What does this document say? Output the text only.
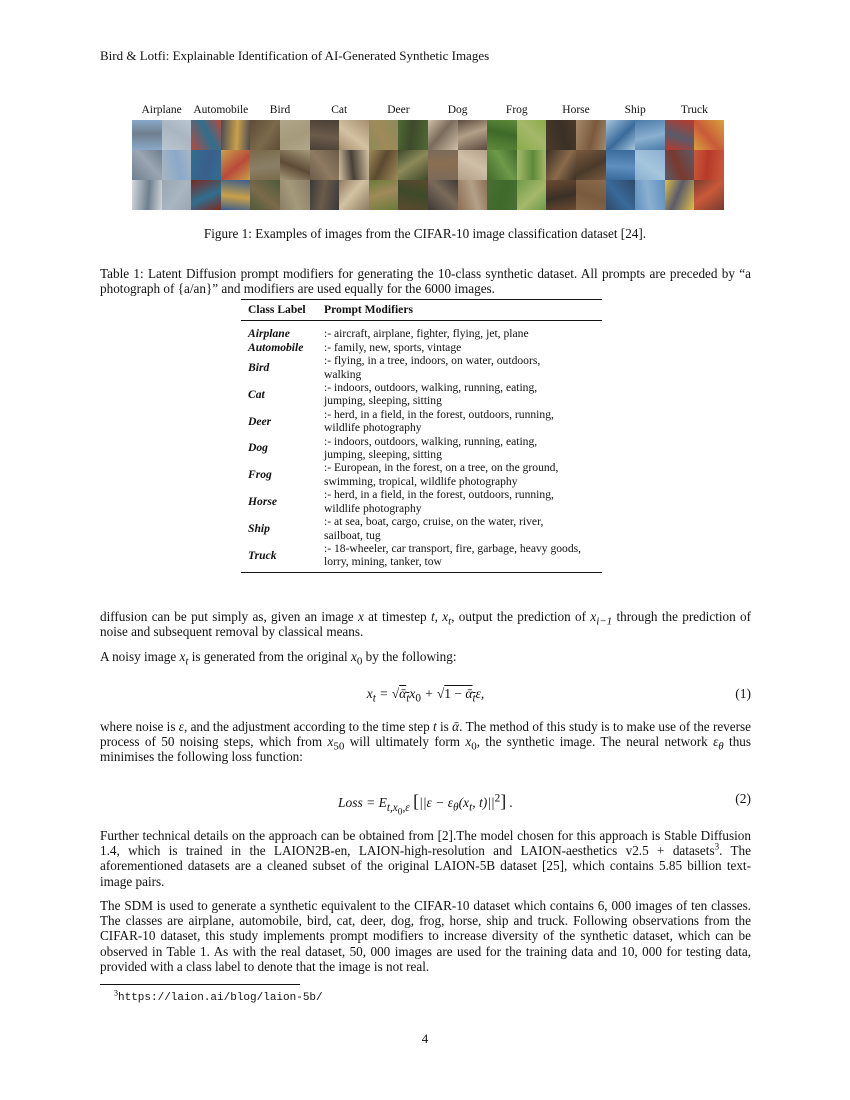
Bird & Lotfi: Explainable Identification of AI-Generated Synthetic Images
Airplane Automobile Bird	Cat	Deer	Dog	Frog	Horse	Ship	Truck
Figure 1: Examples of images from the CIFAR-10 image classification dataset [24].
Table 1: Latent Diffusion prompt modifiers for generating the 10-class synthetic dataset. All prompts are preceded by “a photograph of {a/an}” and modifiers are used equally for the 6000 images.
Class Label	Prompt Modifiers
Airplane	:- aircraft, airplane, fighter, flying, jet, plane

Automobile	:- family, new, sports, vintage

Bird	:- flying, in a tree, indoors, on water, outdoors,
walking

Cat	:- indoors, outdoors, walking, running, eating,
jumping, sleeping, sitting

Deer	:- herd, in a field, in the forest, outdoors, running,
wildlife photography

Dog	:- indoors, outdoors, walking, running, eating,
jumping, sleeping, sitting

Frog	:- European, in the forest, on a tree, on the ground,
swimming, tropical, wildlife photography

Horse	:- herd, in a field, in the forest, outdoors, running,
wildlife photography

Ship	:- at sea, boat, cargo, cruise, on the water, river,
sailboat, tug

Truck	:- 18-wheeler, car transport, fire, garbage, heavy goods,
lorry, mining, tanker, tow

diffusion can be put simply as, given an image x at timestep t, $x_t$, output the prediction of $x_{i-1}$ through the prediction of noise and subsequent removal by classical means.

A noisy image $x_t$ is generated from the original $x_0$ by the following:

$x_t$ = $√ᾱ_tx_0 + √1$ − ᾱ$_t$ε,	(1)

where noise is ε, and the adjustment according to the time step t is ᾱ. The method of this study is to make use of the reverse process of 50 noising steps, which from $x_{50}$ will ultimately form $x_0$, the synthetic image. The neural network $\varepsilon_\theta$ thus minimises the following loss function:

Loss = $E_{t,x_0,\varepsilon}$ [$||\varepsilon - \varepsilon_\theta(x_t$, $t)||^2$] .	(2)

Further technical details on the approach can be obtained from [2].The model chosen for this approach is Stable Diffusion 1.4, which is trained in the LAION2B-en, LAION-high-resolution and LAION-aesthetics v2.5 + datasets$^3$. The aforementioned datasets are a cleaned subset of the original LAION-5B dataset [25], which contains 5.85 billion text-image pairs.

The SDM is used to generate a synthetic equivalent to the CIFAR-10 dataset which contains 6, 000 images of ten classes. The classes are airplane, automobile, bird, cat, deer, dog, frog, horse, ship and truck. Following observations from the CIFAR-10 dataset, this study implements prompt modifiers to increase diversity of the synthetic dataset, which can be observed in Table 1. As with the real dataset, 50, 000 images are used for the training data and 10, 000 for testing data, provided with a class label to denote that the image is not real.

$^3$https://laion.ai/blog/laion-5b/
4
